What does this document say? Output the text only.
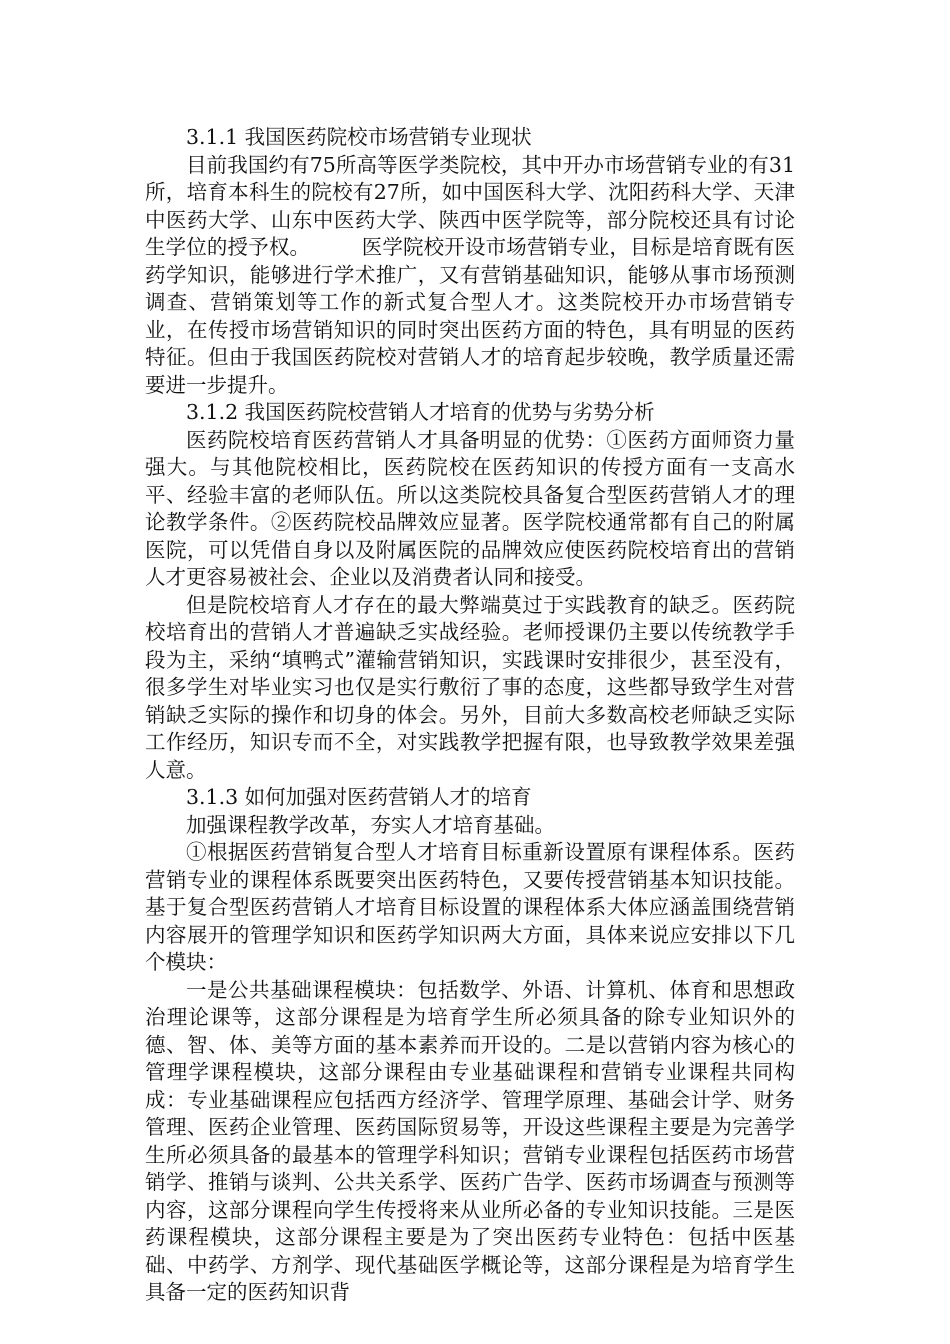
3.1.1 我国医药院校市场营销专业现状

目前我国约有75所高等医学类院校，其中开办市场营销专业的有31所，培育本科生的院校有27所，如中国医科大学、沈阳药科大学、天津中医药大学、山东中医药大学、陕西中医学院等，部分院校还具有讨论生学位的授予权。　　　医学院校开设市场营销专业，目标是培育既有医药学知识，能够进行学术推广，又有营销基础知识，能够从事市场预测调查、营销策划等工作的新式复合型人才。这类院校开办市场营销专业，在传授市场营销知识的同时突出医药方面的特色，具有明显的医药特征。但由于我国医药院校对营销人才的培育起步较晚，教学质量还需要进一步提升。

3.1.2 我国医药院校营销人才培育的优势与劣势分析

医药院校培育医药营销人才具备明显的优势：①医药方面师资力量强大。与其他院校相比，医药院校在医药知识的传授方面有一支高水平、经验丰富的老师队伍。所以这类院校具备复合型医药营销人才的理论教学条件。②医药院校品牌效应显著。医学院校通常都有自己的附属医院，可以凭借自身以及附属医院的品牌效应使医药院校培育出的营销人才更容易被社会、企业以及消费者认同和接受。

但是院校培育人才存在的最大弊端莫过于实践教育的缺乏。医药院校培育出的营销人才普遍缺乏实战经验。老师授课仍主要以传统教学手段为主，采纳“填鸭式”灌输营销知识，实践课时安排很少，甚至没有，很多学生对毕业实习也仅是实行敷衍了事的态度，这些都导致学生对营销缺乏实际的操作和切身的体会。另外，目前大多数高校老师缺乏实际工作经历，知识专而不全，对实践教学把握有限，也导致教学效果差强人意。

3.1.3 如何加强对医药营销人才的培育

加强课程教学改革，夯实人才培育基础。

①根据医药营销复合型人才培育目标重新设置原有课程体系。医药营销专业的课程体系既要突出医药特色，又要传授营销基本知识技能。基于复合型医药营销人才培育目标设置的课程体系大体应涵盖围绕营销内容展开的管理学知识和医药学知识两大方面，具体来说应安排以下几个模块：

一是公共基础课程模块：包括数学、外语、计算机、体育和思想政治理论课等，这部分课程是为培育学生所必须具备的除专业知识外的德、智、体、美等方面的基本素养而开设的。二是以营销内容为核心的管理学课程模块，这部分课程由专业基础课程和营销专业课程共同构成：专业基础课程应包括西方经济学、管理学原理、基础会计学、财务管理、医药企业管理、医药国际贸易等，开设这些课程主要是为完善学生所必须具备的最基本的管理学科知识；营销专业课程包括医药市场营销学、推销与谈判、公共关系学、医药广告学、医药市场调查与预测等内容，这部分课程向学生传授将来从业所必备的专业知识技能。三是医药课程模块，这部分课程主要是为了突出医药专业特色：包括中医基础、中药学、方剂学、现代基础医学概论等，这部分课程是为培育学生具备一定的医药知识背
